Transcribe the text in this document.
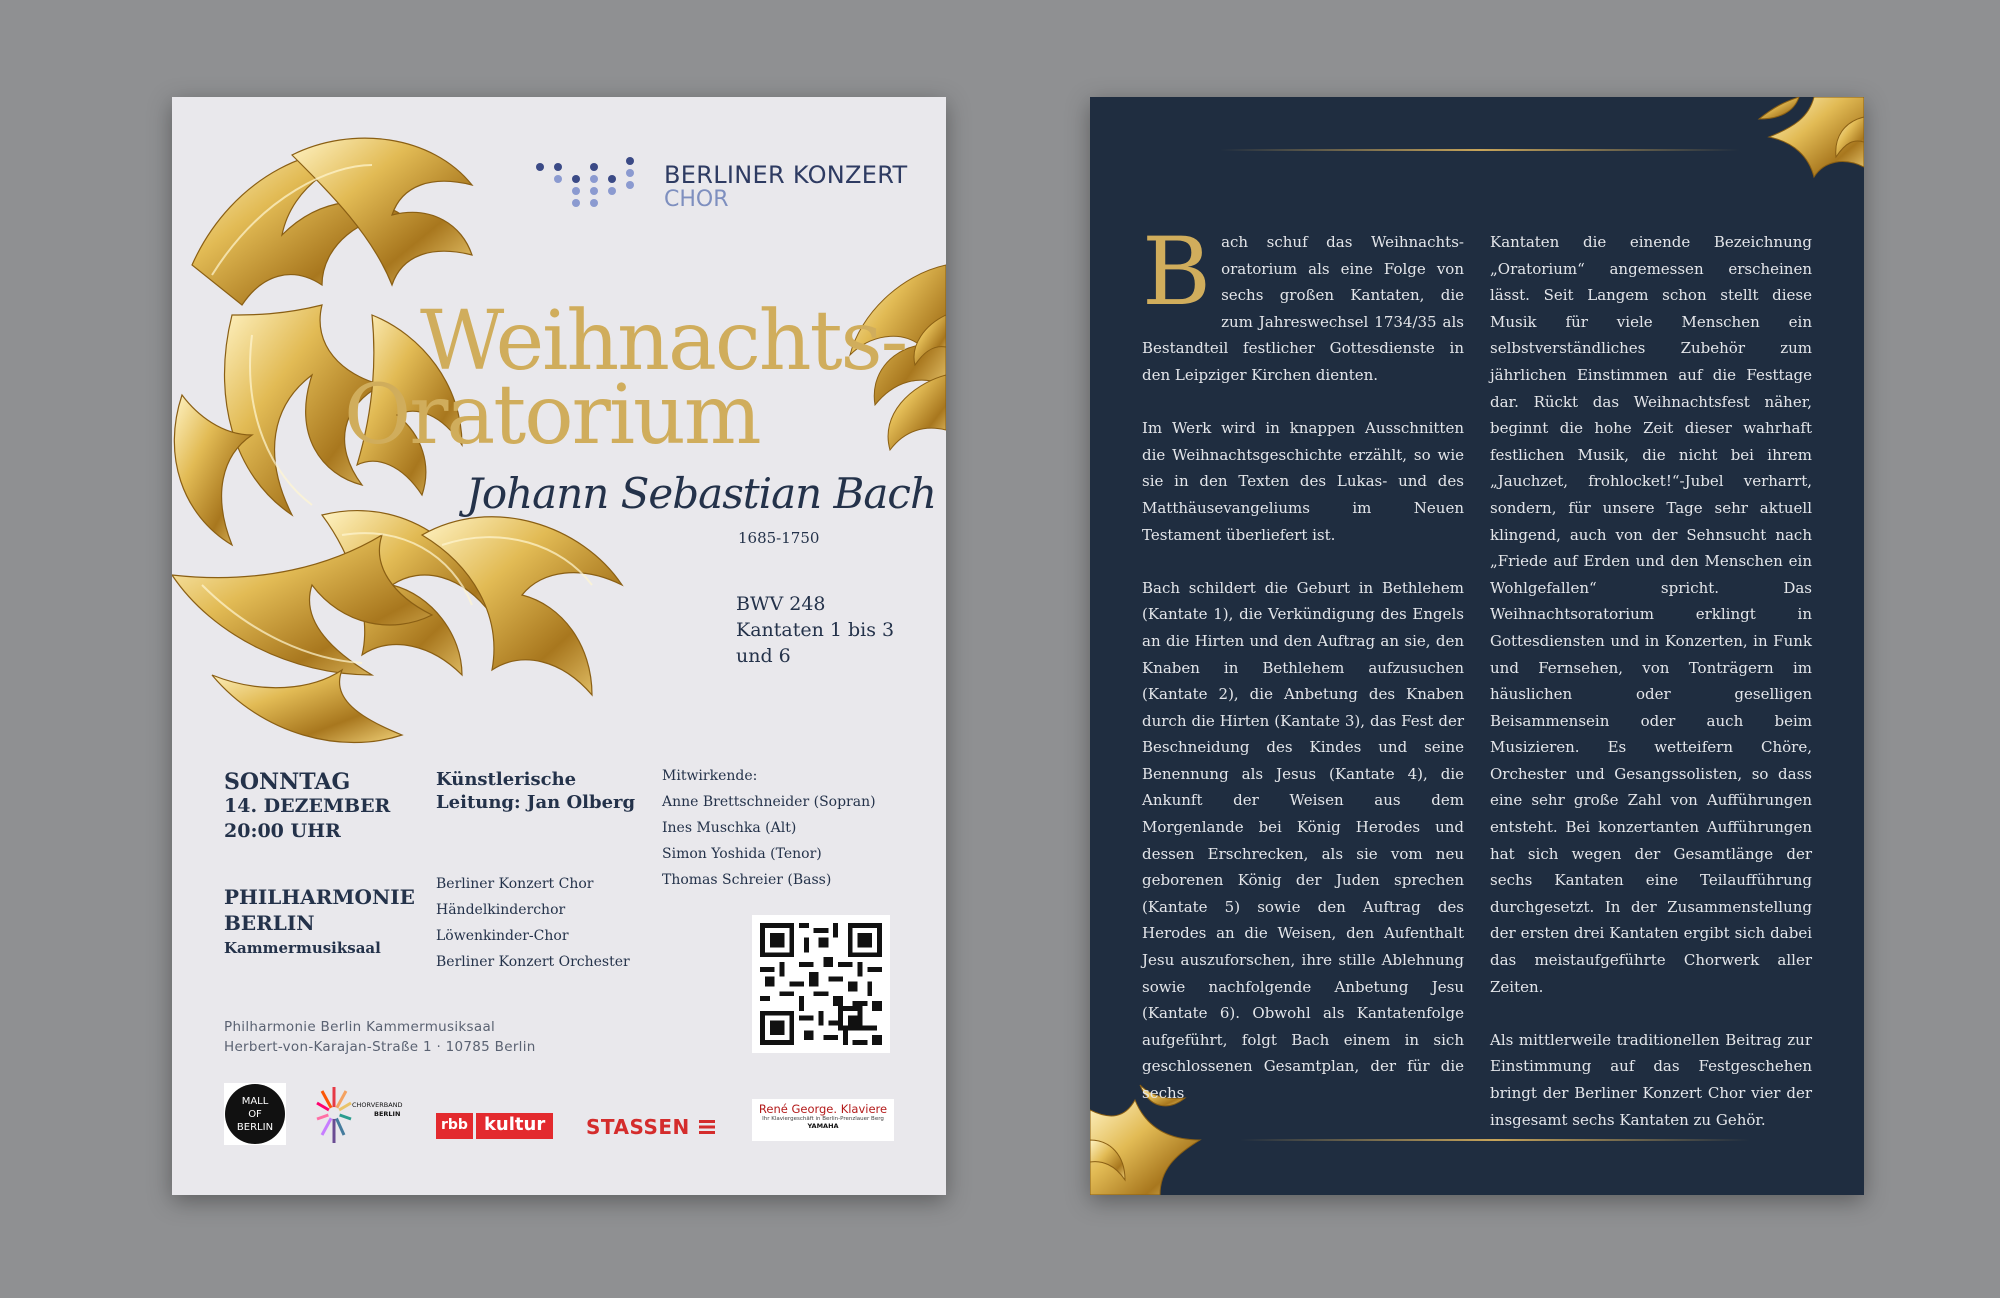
BERLINER KONZERT
CHOR
Weihnachts-
Oratorium
Johann Sebastian Bach
1685-1750
BWV 248
Kantaten 1 bis 3
und 6
SONNTAG
14. DEZEMBER
20:00 UHR
PHILHARMONIE
BERLIN
Kammermusiksaal
Künstlerische
Leitung: Jan Olberg
Berliner Konzert Chor
Händelkinderchor
Löwenkinder-Chor
Berliner Konzert Orchester
Mitwirkende:
Anne Brettschneider (Sopran)
Ines Muschka (Alt)
Simon Yoshida (Tenor)
Thomas Schreier (Bass)
Philharmonie Berlin Kammermusiksaal
Herbert-von-Karajan-Straße 1 · 10785 Berlin
MALL
OF
BERLIN
CHORVERBAND
BERLIN
rbb kultur	STASSEN
René George. Klaviere
Ihr Klaviergeschäft in Berlin-Prenzlauer Berg
YAMAHA

Bach schuf das Weihnachtsoratorium als eine Folge von sechs großen Kantaten, die zum Jahreswechsel 1734/35 als Bestandteil festlicher Gottesdienste in den Leipziger Kirchen dienten.

Im Werk wird in knappen Ausschnitten die Weihnachtsgeschichte erzählt, so wie sie in den Texten des Lukas- und des Matthäusevangeliums im Neuen Testament überliefert ist.

Bach schildert die Geburt in Bethlehem (Kantate 1), die Verkündigung des Engels an die Hirten und den Auftrag an sie, den Knaben in Bethlehem aufzusuchen (Kantate 2), die Anbetung des Knaben durch die Hirten (Kantate 3), das Fest der Beschneidung des Kindes und seine Benennung als Jesus (Kantate 4), die Ankunft der Weisen aus dem Morgenlande bei König Herodes und dessen Erschrecken, als sie vom neu geborenen König der Juden sprechen (Kantate 5) sowie den Auftrag des Herodes an die Weisen, den Aufenthalt Jesu auszuforschen, ihre stille Ablehnung sowie nachfolgende Anbetung Jesu (Kantate 6). Obwohl als Kantatenfolge aufgeführt, folgt Bach einem in sich geschlossenen Gesamtplan, der für die sechs

Kantaten die einende Bezeichnung „Oratorium“ angemessen erscheinen lässt. Seit Langem schon stellt diese Musik für viele Menschen ein selbstverständliches Zubehör zum jährlichen Einstimmen auf die Festtage dar. Rückt das Weihnachtsfest näher, beginnt die hohe Zeit dieser wahrhaft festlichen Musik, die nicht bei ihrem „Jauchzet, frohlocket!“-Jubel verharrt, sondern, für unsere Tage sehr aktuell klingend, auch von der Sehnsucht nach „Friede auf Erden und den Menschen ein Wohlgefallen“ spricht. Das Weihnachtsoratorium erklingt in Gottesdiensten und in Konzerten, in Funk und Fernsehen, von Tonträgern im häuslichen oder geselligen Beisammensein oder auch beim Musizieren. Es wetteifern Chöre, Orchester und Gesangssolisten, so dass eine sehr große Zahl von Aufführungen entsteht. Bei konzertanten Aufführungen hat sich wegen der Gesamtlänge der sechs Kantaten eine Teilaufführung durchgesetzt. In der Zusammenstellung der ersten drei Kantaten ergibt sich dabei das meistaufgeführte Chorwerk aller Zeiten.

Als mittlerweile traditionellen Beitrag zur Einstimmung auf das Festgeschehen bringt der Berliner Konzert Chor vier der insgesamt sechs Kantaten zu Gehör.
